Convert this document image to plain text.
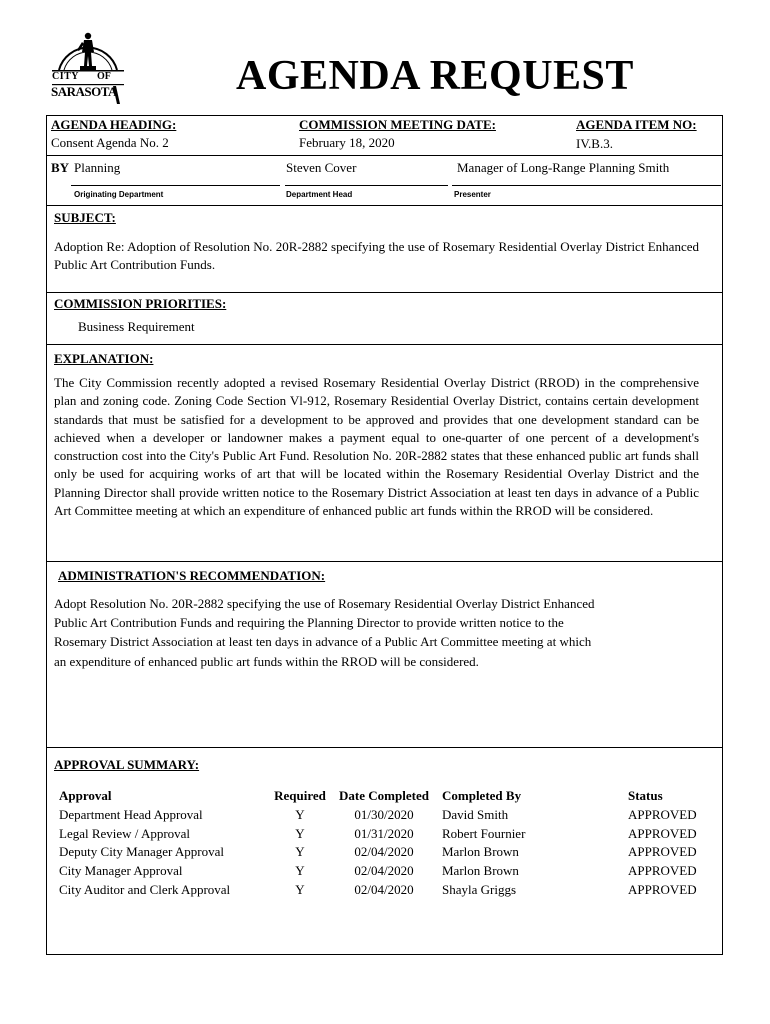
CITY OF
SARASOTA	AGENDA REQUEST
AGENDA HEADING:
Consent Agenda No. 2
COMMISSION MEETING DATE:
February 18, 2020
AGENDA ITEM NO:
IV.B.3.
BY Planning	Steven Cover	Manager of Long-Range Planning Smith
Originating Department	Department Head	Presenter
SUBJECT:
Adoption Re: Adoption of Resolution No. 20R-2882 specifying the use of Rosemary Residential Overlay District Enhanced Public Art Contribution Funds.
COMMISSION PRIORITIES:
Business Requirement
EXPLANATION:
The City Commission recently adopted a revised Rosemary Residential Overlay District (RROD) in the comprehensive plan and zoning code. Zoning Code Section Vl-912, Rosemary Residential Overlay District, contains certain development standards that must be satisfied for a development to be approved and provides that one development standard can be achieved when a developer or landowner makes a payment equal to one-quarter of one percent of a development's construction cost into the City's Public Art Fund. Resolution No. 20R-2882 states that these enhanced public art funds shall only be used for acquiring works of art that will be located within the Rosemary Residential Overlay District and the Planning Director shall provide written notice to the Rosemary District Association at least ten days in advance of a Public Art Committee meeting at which an expenditure of enhanced public art funds within the RROD will be considered.
ADMINISTRATION'S RECOMMENDATION:
Adopt Resolution No. 20R-2882 specifying the use of Rosemary Residential Overlay District Enhanced
Public Art Contribution Funds and requiring the Planning Director to provide written notice to the
Rosemary District Association at least ten days in advance of a Public Art Committee meeting at which
an expenditure of enhanced public art funds within the RROD will be considered.
APPROVAL SUMMARY:
Approval	Required	Date Completed	Completed By	Status
Department Head Approval	Y	01/30/2020	David Smith	APPROVED
Legal Review / Approval	Y	01/31/2020	Robert Fournier	APPROVED
Deputy City Manager Approval	Y	02/04/2020	Marlon Brown	APPROVED
City Manager Approval	Y	02/04/2020	Marlon Brown	APPROVED
City Auditor and Clerk Approval	Y	02/04/2020	Shayla Griggs	APPROVED
